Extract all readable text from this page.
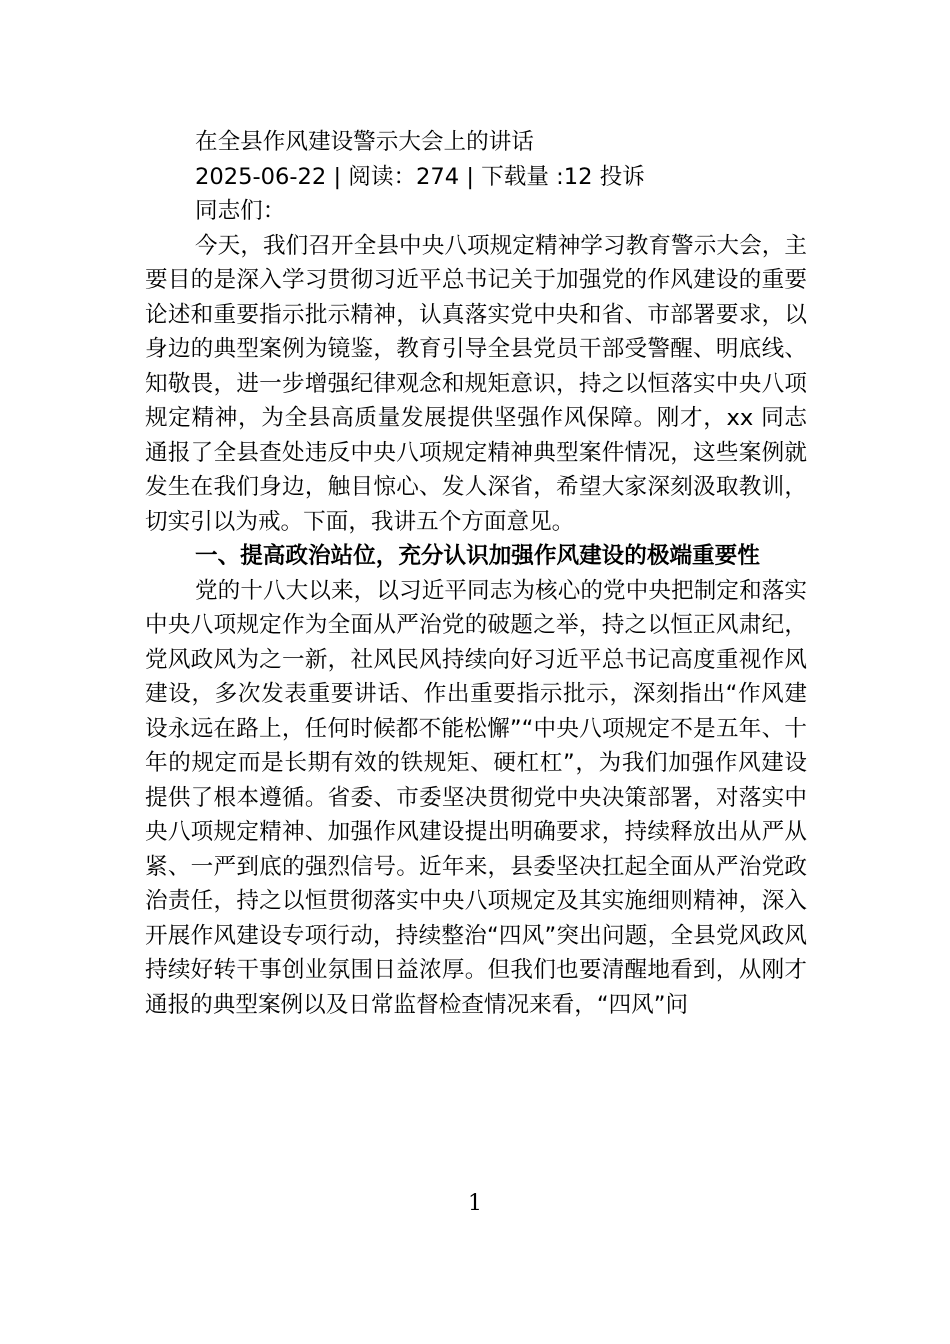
在全县作风建设警示大会上的讲话

2025-06-22 | 阅读：274 | 下载量 :12 投诉

同志们：

今天，我们召开全县中央八项规定精神学习教育警示大会，主要目的是深入学习贯彻习近平总书记关于加强党的作风建设的重要论述和重要指示批示精神，认真落实党中央和省、市部署要求，以身边的典型案例为镜鉴，教育引导全县党员干部受警醒、明底线、知敬畏，进一步增强纪律观念和规矩意识，持之以恒落实中央八项规定精神，为全县高质量发展提供坚强作风保障。刚才，xx 同志通报了全县查处违反中央八项规定精神典型案件情况，这些案例就发生在我们身边，触目惊心、发人深省，希望大家深刻汲取教训，切实引以为戒。下面，我讲五个方面意见。

一、提高政治站位，充分认识加强作风建设的极端重要性

党的十八大以来，以习近平同志为核心的党中央把制定和落实中央八项规定作为全面从严治党的破题之举，持之以恒正风肃纪，党风政风为之一新，社风民风持续向好习近平总书记高度重视作风建设，多次发表重要讲话、作出重要指示批示，深刻指出“作风建设永远在路上，任何时候都不能松懈”“中央八项规定不是五年、十年的规定而是长期有效的铁规矩、硬杠杠”，为我们加强作风建设提供了根本遵循。省委、市委坚决贯彻党中央决策部署，对落实中央八项规定精神、加强作风建设提出明确要求，持续释放出从严从紧、一严到底的强烈信号。近年来，县委坚决扛起全面从严治党政治责任，持之以恒贯彻落实中央八项规定及其实施细则精神，深入开展作风建设专项行动，持续整治“四风”突出问题，全县党风政风持续好转干事创业氛围日益浓厚。但我们也要清醒地看到，从刚才通报的典型案例以及日常监督检查情况来看，“四风”问

1
